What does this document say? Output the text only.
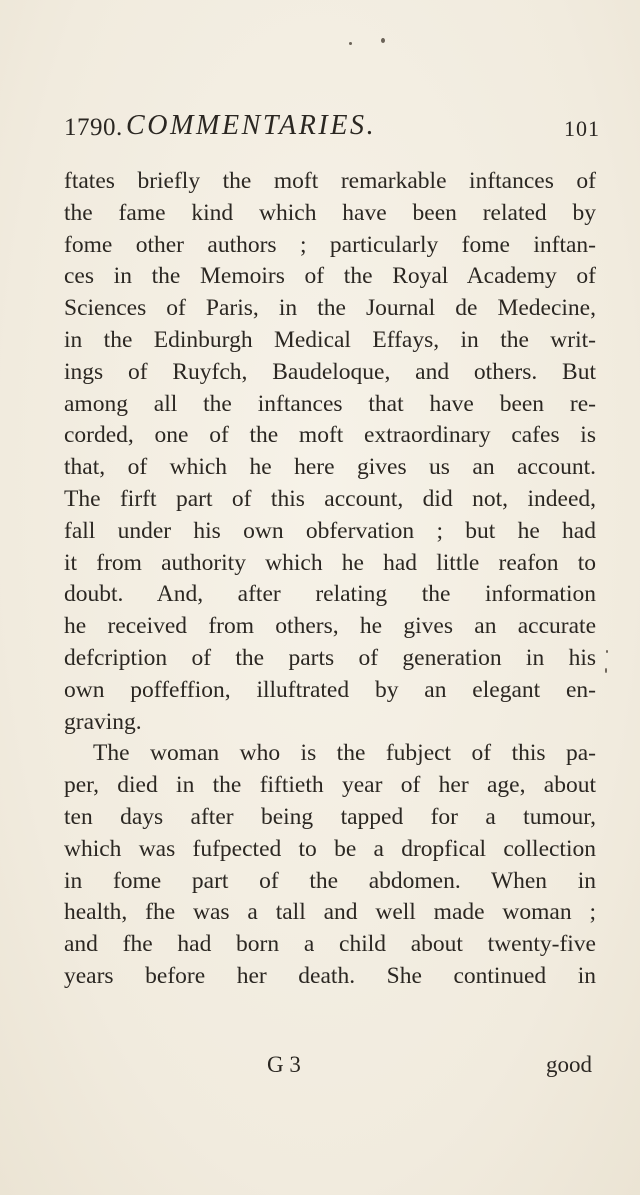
1790. COMMENTARIES.	101
ftates briefly the moft remarkable inftances of
the fame kind which have been related by
fome other authors ; particularly fome inftan-
ces in the Memoirs of the Royal Academy of
Sciences of Paris, in the Journal de Medecine,
in the Edinburgh Medical Effays, in the writ-
ings of Ruyfch, Baudeloque, and others. But
among all the inftances that have been re-
corded, one of the moft extraordinary cafes is
that, of which he here gives us an account.
The firft part of this account, did not, indeed,
fall under his own obfervation ; but he had
it from authority which he had little reafon to
doubt. And, after relating the information
he received from others, he gives an accurate
defcription of the parts of generation in his
own poffeffion, illuftrated by an elegant en-
graving.
The woman who is the fubject of this pa-
per, died in the fiftieth year of her age, about
ten days after being tapped for a tumour,
which was fufpected to be a dropfical collection
in fome part of the abdomen. When in
health, fhe was a tall and well made woman ;
and fhe had born a child about twenty-five
years before her death. She continued in
G 3	good
